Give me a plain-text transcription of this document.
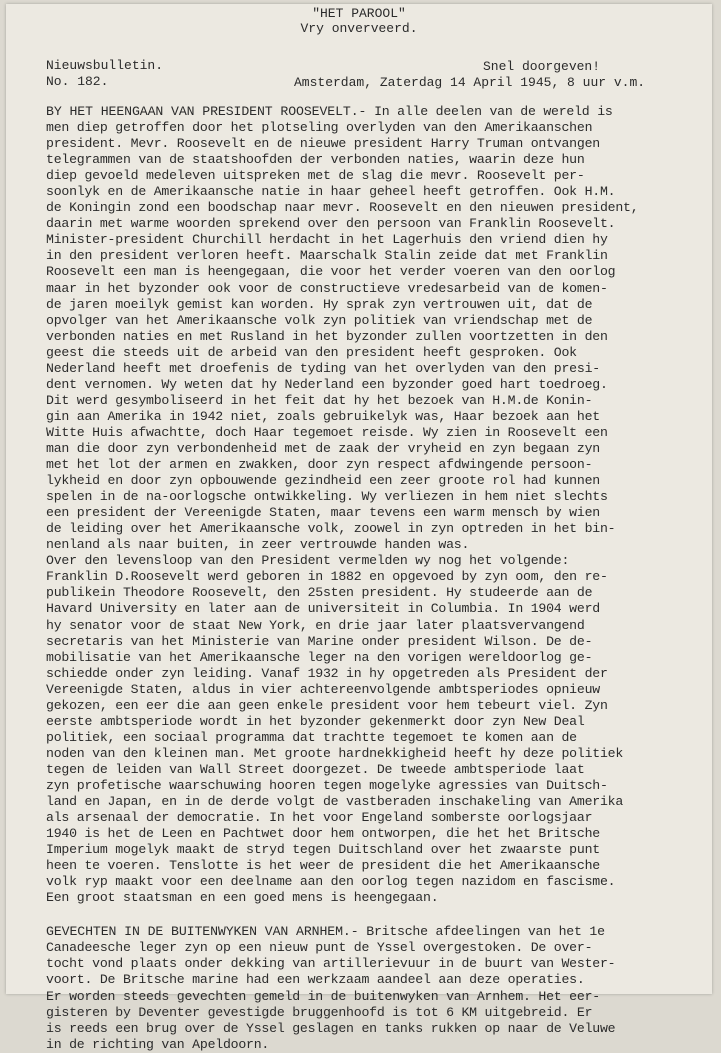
"HET PAROOL"
Vry onverveerd.
Nieuwsbulletin.
No. 182.
Snel doorgeven!
Amsterdam, Zaterdag 14 April 1945, 8 uur v.m.
BY HET HEENGAAN VAN PRESIDENT ROOSEVELT.- In alle deelen van de wereld is
men diep getroffen door het plotseling overlyden van den Amerikaanschen
president. Mevr. Roosevelt en de nieuwe president Harry Truman ontvangen
telegrammen van de staatshoofden der verbonden naties, waarin deze hun
diep gevoeld medeleven uitspreken met de slag die mevr. Roosevelt per-
soonlyk en de Amerikaansche natie in haar geheel heeft getroffen. Ook H.M.
de Koningin zond een boodschap naar mevr. Roosevelt en den nieuwen president,
daarin met warme woorden sprekend over den persoon van Franklin Roosevelt.
Minister-president Churchill herdacht in het Lagerhuis den vriend dien hy
in den president verloren heeft. Maarschalk Stalin zeide dat met Franklin
Roosevelt een man is heengegaan, die voor het verder voeren van den oorlog
maar in het byzonder ook voor de constructieve vredesarbeid van de komen-
de jaren moeilyk gemist kan worden. Hy sprak zyn vertrouwen uit, dat de
opvolger van het Amerikaansche volk zyn politiek van vriendschap met de
verbonden naties en met Rusland in het byzonder zullen voortzetten in den
geest die steeds uit de arbeid van den president heeft gesproken. Ook
Nederland heeft met droefenis de tyding van het overlyden van den presi-
dent vernomen. Wy weten dat hy Nederland een byzonder goed hart toedroeg.
Dit werd gesymboliseerd in het feit dat hy het bezoek van H.M.de Konin-
gin aan Amerika in 1942 niet, zoals gebruikelyk was, Haar bezoek aan het
Witte Huis afwachtte, doch Haar tegemoet reisde. Wy zien in Roosevelt een
man die door zyn verbondenheid met de zaak der vryheid en zyn begaan zyn
met het lot der armen en zwakken, door zyn respect afdwingende persoon-
lykheid en door zyn opbouwende gezindheid een zeer groote rol had kunnen
spelen in de na-oorlogsche ontwikkeling. Wy verliezen in hem niet slechts
een president der Vereenigde Staten, maar tevens een warm mensch by wien
de leiding over het Amerikaansche volk, zoowel in zyn optreden in het bin-
nenland als naar buiten, in zeer vertrouwde handen was.
Over den levensloop van den President vermelden wy nog het volgende:
Franklin D.Roosevelt werd geboren in 1882 en opgevoed by zyn oom, den re-
publikein Theodore Roosevelt, den 25sten president. Hy studeerde aan de
Havard University en later aan de universiteit in Columbia. In 1904 werd
hy senator voor de staat New York, en drie jaar later plaatsvervangend
secretaris van het Ministerie van Marine onder president Wilson. De de-
mobilisatie van het Amerikaansche leger na den vorigen wereldoorlog ge-
schiedde onder zyn leiding. Vanaf 1932 in hy opgetreden als President der
Vereenigde Staten, aldus in vier achtereenvolgende ambtsperiodes opnieuw
gekozen, een eer die aan geen enkele president voor hem tebeurt viel. Zyn
eerste ambtsperiode wordt in het byzonder gekenmerkt door zyn New Deal
politiek, een sociaal programma dat trachtte tegemoet te komen aan de
noden van den kleinen man. Met groote hardnekkigheid heeft hy deze politiek
tegen de leiden van Wall Street doorgezet. De tweede ambtsperiode laat
zyn profetische waarschuwing hooren tegen mogelyke agressies van Duitsch-
land en Japan, en in de derde volgt de vastberaden inschakeling van Amerika
als arsenaal der democratie. In het voor Engeland somberste oorlogsjaar
1940 is het de Leen en Pachtwet door hem ontworpen, die het het Britsche
Imperium mogelyk maakt de stryd tegen Duitschland over het zwaarste punt
heen te voeren. Tenslotte is het weer de president die het Amerikaansche
volk ryp maakt voor een deelname aan den oorlog tegen nazidom en fascisme.
Een groot staatsman en een goed mens is heengegaan.
GEVECHTEN IN DE BUITENWYKEN VAN ARNHEM.- Britsche afdeelingen van het 1e
Canadeesche leger zyn op een nieuw punt de Yssel overgestoken. De over-
tocht vond plaats onder dekking van artillerievuur in de buurt van Wester-
voort. De Britsche marine had een werkzaam aandeel aan deze operaties.
Er worden steeds gevechten gemeld in de buitenwyken van Arnhem. Het eer-
gisteren by Deventer gevestigde bruggenhoofd is tot 6 KM uitgebreid. Er
is reeds een brug over de Yssel geslagen en tanks rukken op naar de Veluwe
in de richting van Apeldoorn.
